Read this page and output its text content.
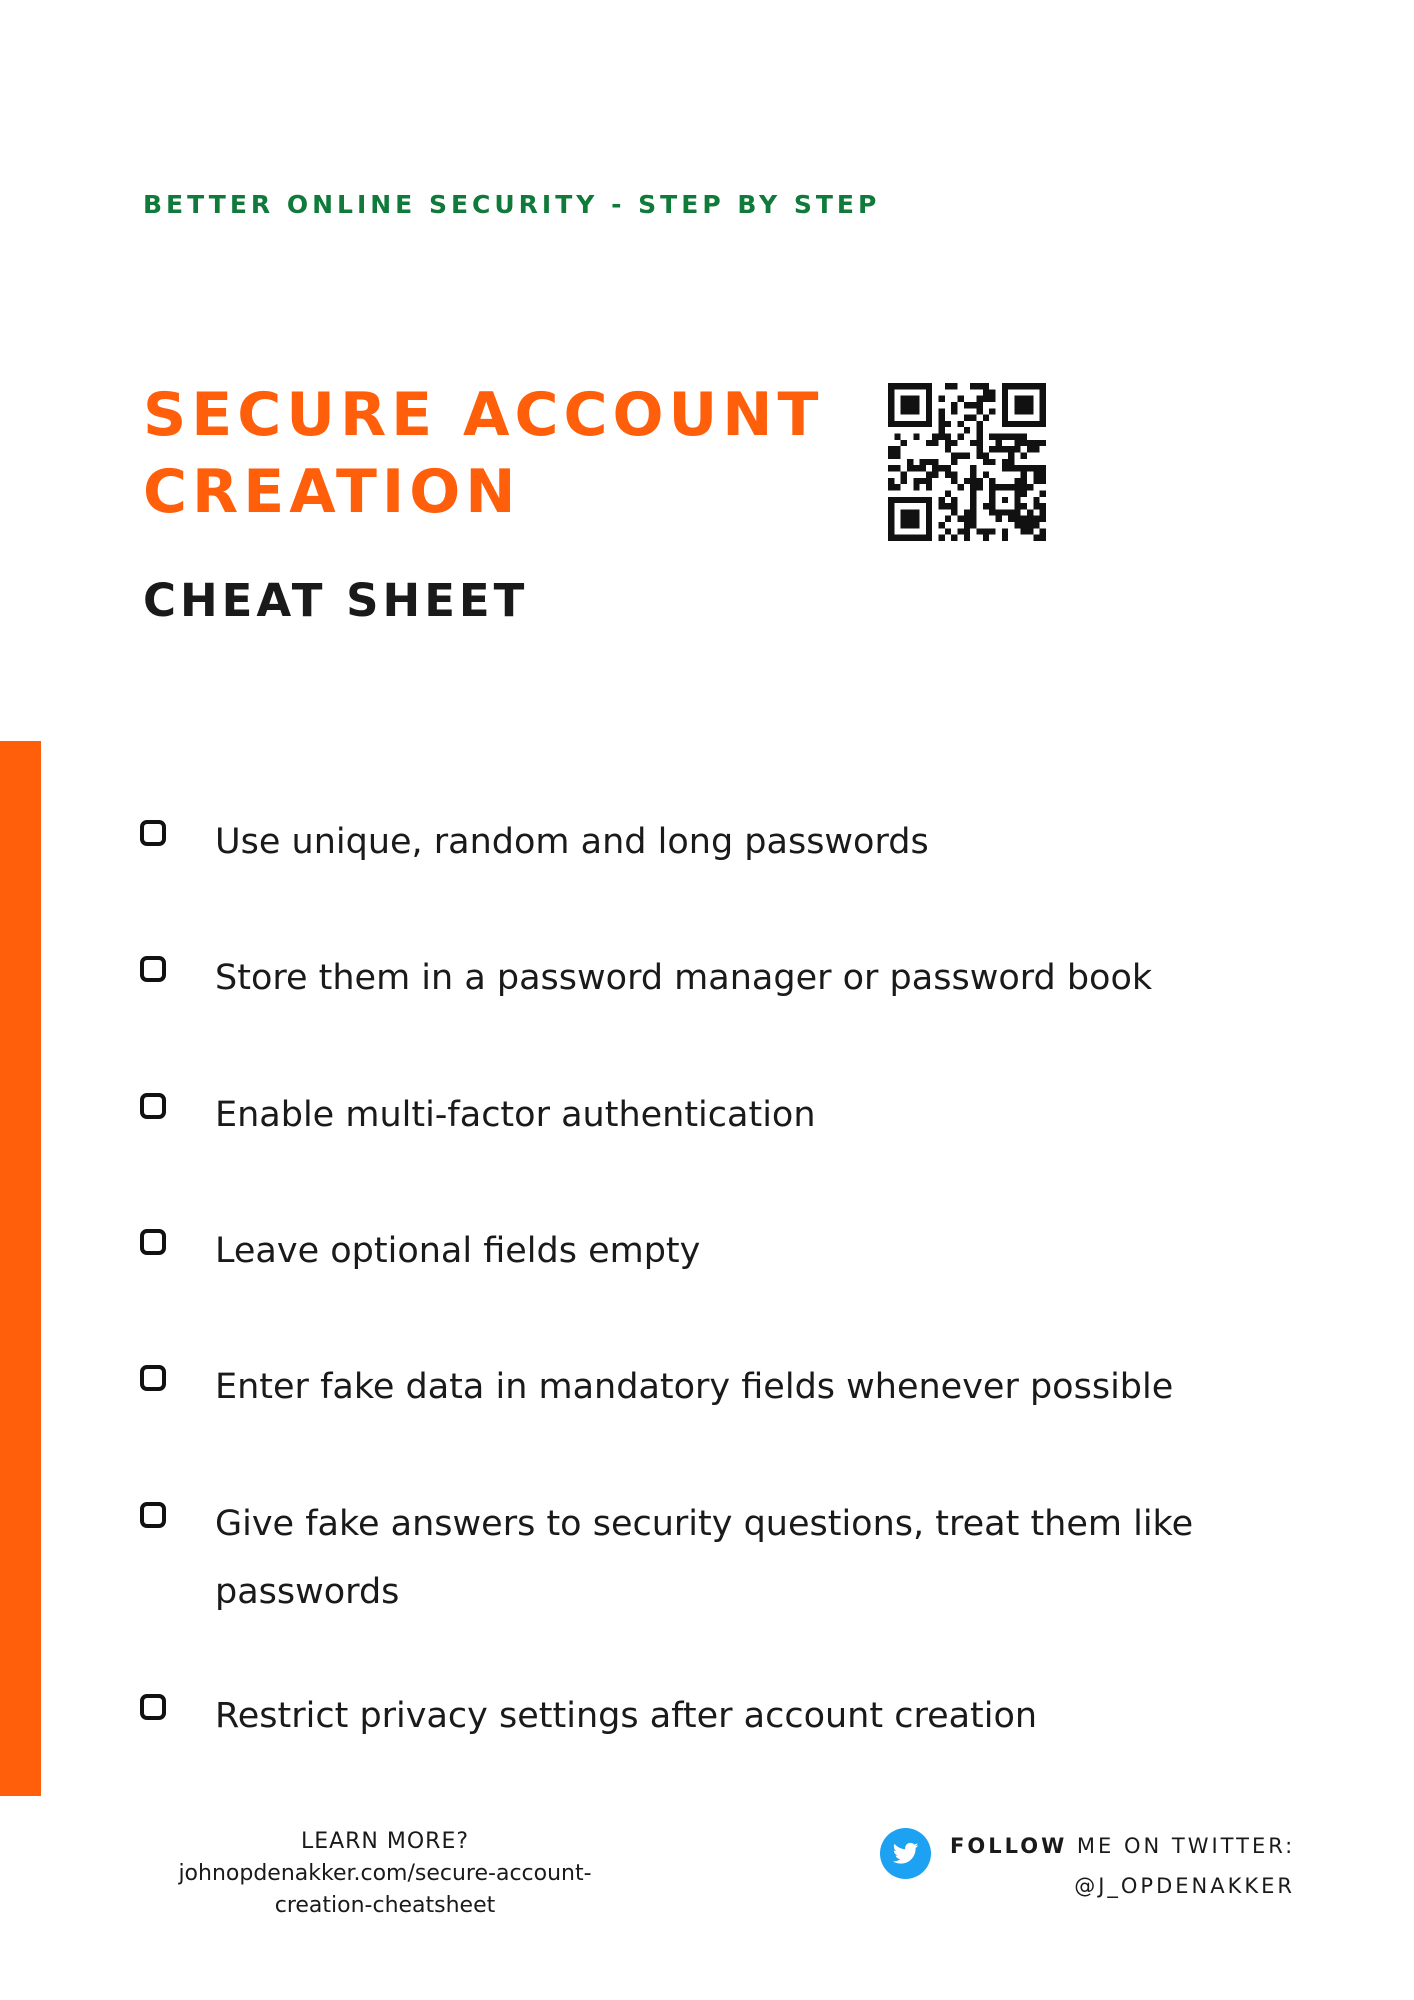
BETTER ONLINE SECURITY - STEP BY STEP
SECURE ACCOUNT
CREATION
CHEAT SHEET
Use unique, random and long passwords
Store them in a password manager or password book
Enable multi-factor authentication
Leave optional fields empty
Enter fake data in mandatory fields whenever possible
Give fake answers to security questions, treat them like passwords
Restrict privacy settings after account creation
LEARN MORE?
johnopdenakker.com/secure-account-creation-cheatsheet
FOLLOW ME ON TWITTER:
@J_OPDENAKKER
